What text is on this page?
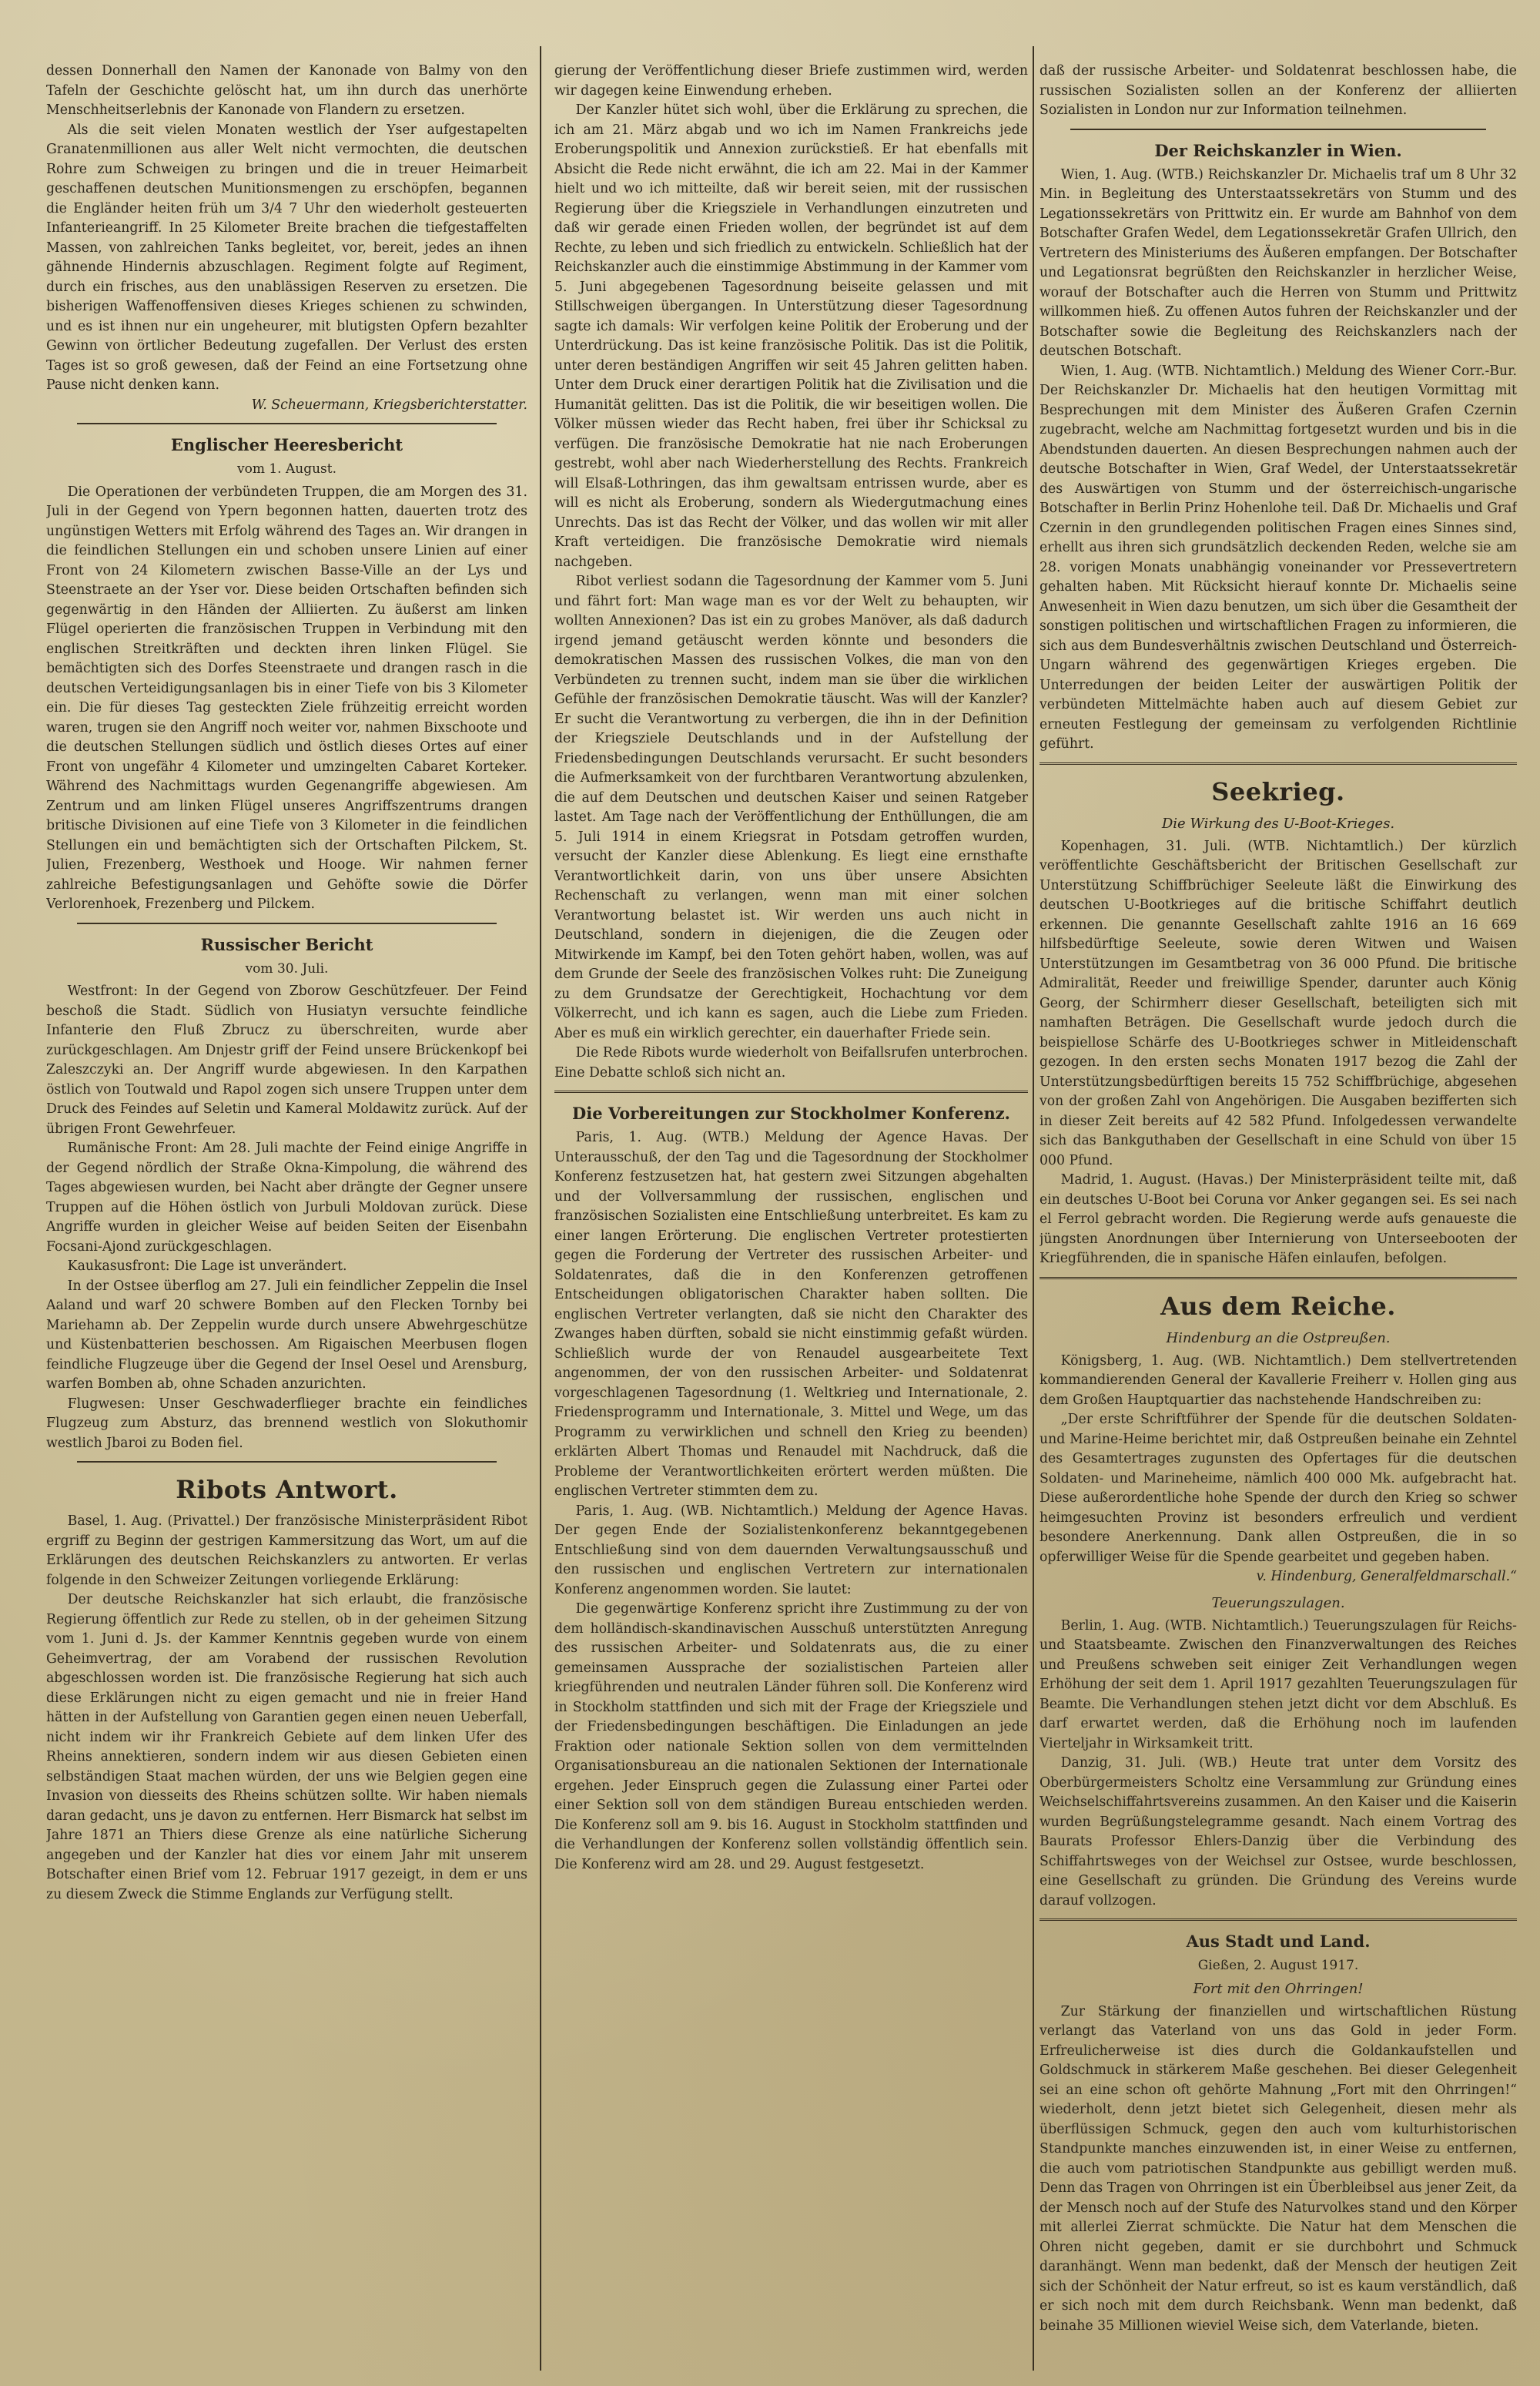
dessen Donnerhall den Namen der Kanonade von Balmy von den Tafeln der Geschichte gelöscht hat, um ihn durch das unerhörte Menschheitserlebnis der Kanonade von Flandern zu ersetzen.

Als die seit vielen Monaten westlich der Yser aufgestapelten Granatenmillionen aus aller Welt nicht vermochten, die deutschen Rohre zum Schweigen zu bringen und die in treuer Heimarbeit geschaffenen deutschen Munitionsmengen zu erschöpfen, begannen die Engländer heiten früh um 3/4 7 Uhr den wiederholt gesteuerten Infanterieangriff. In 25 Kilometer Breite brachen die tiefgestaffelten Massen, von zahlreichen Tanks begleitet, vor, bereit, jedes an ihnen gähnende Hindernis abzuschlagen. Regiment folgte auf Regiment, durch ein frisches, aus den unablässigen Reserven zu ersetzen. Die bisherigen Waffenoffensiven dieses Krieges schienen zu schwinden, und es ist ihnen nur ein ungeheurer, mit blutigsten Opfern bezahlter Gewinn von örtlicher Bedeutung zugefallen. Der Verlust des ersten Tages ist so groß gewesen, daß der Feind an eine Fortsetzung ohne Pause nicht denken kann.

W. Scheuermann, Kriegsberichterstatter.

Englischer Heeresbericht
vom 1. August.

Die Operationen der verbündeten Truppen, die am Morgen des 31. Juli in der Gegend von Ypern begonnen hatten, dauerten trotz des ungünstigen Wetters mit Erfolg während des Tages an. Wir drangen in die feindlichen Stellungen ein und schoben unsere Linien auf einer Front von 24 Kilometern zwischen Basse-Ville an der Lys und Steenstraete an der Yser vor. Diese beiden Ortschaften befinden sich gegenwärtig in den Händen der Alliierten. Zu äußerst am linken Flügel operierten die französischen Truppen in Verbindung mit den englischen Streitkräften und deckten ihren linken Flügel. Sie bemächtigten sich des Dorfes Steenstraete und drangen rasch in die deutschen Verteidigungsanlagen bis in einer Tiefe von bis 3 Kilometer ein. Die für dieses Tag gesteckten Ziele frühzeitig erreicht worden waren, trugen sie den Angriff noch weiter vor, nahmen Bixschoote und die deutschen Stellungen südlich und östlich dieses Ortes auf einer Front von ungefähr 4 Kilometer und umzingelten Cabaret Korteker. Während des Nachmittags wurden Gegenangriffe abgewiesen. Am Zentrum und am linken Flügel unseres Angriffszentrums drangen britische Divisionen auf eine Tiefe von 3 Kilometer in die feindlichen Stellungen ein und bemächtigten sich der Ortschaften Pilckem, St. Julien, Frezenberg, Westhoek und Hooge. Wir nahmen ferner zahlreiche Befestigungsanlagen und Gehöfte sowie die Dörfer Verlorenhoek, Frezenberg und Pilckem.

Russischer Bericht
vom 30. Juli.

Westfront: In der Gegend von Zborow Geschützfeuer. Der Feind beschoß die Stadt. Südlich von Husiatyn versuchte feindliche Infanterie den Fluß Zbrucz zu überschreiten, wurde aber zurückgeschlagen. Am Dnjestr griff der Feind unsere Brückenkopf bei Zaleszczyki an. Der Angriff wurde abgewiesen. In den Karpathen östlich von Toutwald und Rapol zogen sich unsere Truppen unter dem Druck des Feindes auf Seletin und Kameral Moldawitz zurück. Auf der übrigen Front Gewehrfeuer.

Rumänische Front: Am 28. Juli machte der Feind einige Angriffe in der Gegend nördlich der Straße Okna-Kimpolung, die während des Tages abgewiesen wurden, bei Nacht aber drängte der Gegner unsere Truppen auf die Höhen östlich von Jurbuli Moldovan zurück. Diese Angriffe wurden in gleicher Weise auf beiden Seiten der Eisenbahn Focsani-Ajond zurückgeschlagen.

Kaukasusfront: Die Lage ist unverändert.

In der Ostsee überflog am 27. Juli ein feindlicher Zeppelin die Insel Aaland und warf 20 schwere Bomben auf den Flecken Tornby bei Mariehamn ab. Der Zeppelin wurde durch unsere Abwehrgeschütze und Küstenbatterien beschossen. Am Rigaischen Meerbusen flogen feindliche Flugzeuge über die Gegend der Insel Oesel und Arensburg, warfen Bomben ab, ohne Schaden anzurichten.

Flugwesen: Unser Geschwaderflieger brachte ein feindliches Flugzeug zum Absturz, das brennend westlich von Slokuthomir westlich Jbaroi zu Boden fiel.

Ribots Antwort.

Basel, 1. Aug. (Privattel.) Der französische Ministerpräsident Ribot ergriff zu Beginn der gestrigen Kammersitzung das Wort, um auf die Erklärungen des deutschen Reichskanzlers zu antworten. Er verlas folgende in den Schweizer Zeitungen vorliegende Erklärung:

Der deutsche Reichskanzler hat sich erlaubt, die französische Regierung öffentlich zur Rede zu stellen, ob in der geheimen Sitzung vom 1. Juni d. Js. der Kammer Kenntnis gegeben wurde von einem Geheimvertrag, der am Vorabend der russischen Revolution abgeschlossen worden ist. Die französische Regierung hat sich auch diese Erklärungen nicht zu eigen gemacht und nie in freier Hand hätten in der Aufstellung von Garantien gegen einen neuen Ueberfall, nicht indem wir ihr Frankreich Gebiete auf dem linken Ufer des Rheins annektieren, sondern indem wir aus diesen Gebieten einen selbständigen Staat machen würden, der uns wie Belgien gegen eine Invasion von diesseits des Rheins schützen sollte. Wir haben niemals daran gedacht, uns je davon zu entfernen. Herr Bismarck hat selbst im Jahre 1871 an Thiers diese Grenze als eine natürliche Sicherung angegeben und der Kanzler hat dies vor einem Jahr mit unserem Botschafter einen Brief vom 12. Februar 1917 gezeigt, in dem er uns zu diesem Zweck die Stimme Englands zur Verfügung stellt.

gierung der Veröffentlichung dieser Briefe zustimmen wird, werden wir dagegen keine Einwendung erheben.

Der Kanzler hütet sich wohl, über die Erklärung zu sprechen, die ich am 21. März abgab und wo ich im Namen Frankreichs jede Eroberungspolitik und Annexion zurückstieß. Er hat ebenfalls mit Absicht die Rede nicht erwähnt, die ich am 22. Mai in der Kammer hielt und wo ich mitteilte, daß wir bereit seien, mit der russischen Regierung über die Kriegsziele in Verhandlungen einzutreten und daß wir gerade einen Frieden wollen, der begründet ist auf dem Rechte, zu leben und sich friedlich zu entwickeln. Schließlich hat der Reichskanzler auch die einstimmige Abstimmung in der Kammer vom 5. Juni abgegebenen Tagesordnung beiseite gelassen und mit Stillschweigen übergangen. In Unterstützung dieser Tagesordnung sagte ich damals: Wir verfolgen keine Politik der Eroberung und der Unterdrückung. Das ist keine französische Politik. Das ist die Politik, unter deren beständigen Angriffen wir seit 45 Jahren gelitten haben. Unter dem Druck einer derartigen Politik hat die Zivilisation und die Humanität gelitten. Das ist die Politik, die wir beseitigen wollen. Die Völker müssen wieder das Recht haben, frei über ihr Schicksal zu verfügen. Die französische Demokratie hat nie nach Eroberungen gestrebt, wohl aber nach Wiederherstellung des Rechts. Frankreich will Elsaß-Lothringen, das ihm gewaltsam entrissen wurde, aber es will es nicht als Eroberung, sondern als Wiedergutmachung eines Unrechts. Das ist das Recht der Völker, und das wollen wir mit aller Kraft verteidigen. Die französische Demokratie wird niemals nachgeben.

Ribot verliest sodann die Tagesordnung der Kammer vom 5. Juni und fährt fort: Man wage man es vor der Welt zu behaupten, wir wollten Annexionen? Das ist ein zu grobes Manöver, als daß dadurch irgend jemand getäuscht werden könnte und besonders die demokratischen Massen des russischen Volkes, die man von den Verbündeten zu trennen sucht, indem man sie über die wirklichen Gefühle der französischen Demokratie täuscht. Was will der Kanzler? Er sucht die Verantwortung zu verbergen, die ihn in der Definition der Kriegsziele Deutschlands und in der Aufstellung der Friedensbedingungen Deutschlands verursacht. Er sucht besonders die Aufmerksamkeit von der furchtbaren Verantwortung abzulenken, die auf dem Deutschen und deutschen Kaiser und seinen Ratgeber lastet. Am Tage nach der Veröffentlichung der Enthüllungen, die am 5. Juli 1914 in einem Kriegsrat in Potsdam getroffen wurden, versucht der Kanzler diese Ablenkung. Es liegt eine ernsthafte Verantwortlichkeit darin, von uns über unsere Absichten Rechenschaft zu verlangen, wenn man mit einer solchen Verantwortung belastet ist. Wir werden uns auch nicht in Deutschland, sondern in diejenigen, die die Zeugen oder Mitwirkende im Kampf, bei den Toten gehört haben, wollen, was auf dem Grunde der Seele des französischen Volkes ruht: Die Zuneigung zu dem Grundsatze der Gerechtigkeit, Hochachtung vor dem Völkerrecht, und ich kann es sagen, auch die Liebe zum Frieden. Aber es muß ein wirklich gerechter, ein dauerhafter Friede sein.

Die Rede Ribots wurde wiederholt von Beifallsrufen unterbrochen. Eine Debatte schloß sich nicht an.

Die Vorbereitungen zur Stockholmer Konferenz.

Paris, 1. Aug. (WTB.) Meldung der Agence Havas. Der Unterausschuß, der den Tag und die Tagesordnung der Stockholmer Konferenz festzusetzen hat, hat gestern zwei Sitzungen abgehalten und der Vollversammlung der russischen, englischen und französischen Sozialisten eine Entschließung unterbreitet. Es kam zu einer langen Erörterung. Die englischen Vertreter protestierten gegen die Forderung der Vertreter des russischen Arbeiter- und Soldatenrates, daß die in den Konferenzen getroffenen Entscheidungen obligatorischen Charakter haben sollten. Die englischen Vertreter verlangten, daß sie nicht den Charakter des Zwanges haben dürften, sobald sie nicht einstimmig gefaßt würden. Schließlich wurde der von Renaudel ausgearbeitete Text angenommen, der von den russischen Arbeiter- und Soldatenrat vorgeschlagenen Tagesordnung (1. Weltkrieg und Internationale, 2. Friedensprogramm und Internationale, 3. Mittel und Wege, um das Programm zu verwirklichen und schnell den Krieg zu beenden) erklärten Albert Thomas und Renaudel mit Nachdruck, daß die Probleme der Verantwortlichkeiten erörtert werden müßten. Die englischen Vertreter stimmten dem zu.

Paris, 1. Aug. (WB. Nichtamtlich.) Meldung der Agence Havas. Der gegen Ende der Sozialistenkonferenz bekanntgegebenen Entschließung sind von dem dauernden Verwaltungsausschuß und den russischen und englischen Vertretern zur internationalen Konferenz angenommen worden. Sie lautet:

Die gegenwärtige Konferenz spricht ihre Zustimmung zu der von dem holländisch-skandinavischen Ausschuß unterstützten Anregung des russischen Arbeiter- und Soldatenrats aus, die zu einer gemeinsamen Aussprache der sozialistischen Parteien aller kriegführenden und neutralen Länder führen soll. Die Konferenz wird in Stockholm stattfinden und sich mit der Frage der Kriegsziele und der Friedensbedingungen beschäftigen. Die Einladungen an jede Fraktion oder nationale Sektion sollen von dem vermittelnden Organisationsbureau an die nationalen Sektionen der Internationale ergehen. Jeder Einspruch gegen die Zulassung einer Partei oder einer Sektion soll von dem ständigen Bureau entschieden werden. Die Konferenz soll am 9. bis 16. August in Stockholm stattfinden und die Verhandlungen der Konferenz sollen vollständig öffentlich sein. Die Konferenz wird am 28. und 29. August festgesetzt.

daß der russische Arbeiter- und Soldatenrat beschlossen habe, die russischen Sozialisten sollen an der Konferenz der alliierten Sozialisten in London nur zur Information teilnehmen.

Der Reichskanzler in Wien.

Wien, 1. Aug. (WTB.) Reichskanzler Dr. Michaelis traf um 8 Uhr 32 Min. in Begleitung des Unterstaatssekretärs von Stumm und des Legationssekretärs von Prittwitz ein. Er wurde am Bahnhof von dem Botschafter Grafen Wedel, dem Legationssekretär Grafen Ullrich, den Vertretern des Ministeriums des Äußeren empfangen. Der Botschafter und Legationsrat begrüßten den Reichskanzler in herzlicher Weise, worauf der Botschafter auch die Herren von Stumm und Prittwitz willkommen hieß. Zu offenen Autos fuhren der Reichskanzler und der Botschafter sowie die Begleitung des Reichskanzlers nach der deutschen Botschaft.

Wien, 1. Aug. (WTB. Nichtamtlich.) Meldung des Wiener Corr.-Bur. Der Reichskanzler Dr. Michaelis hat den heutigen Vormittag mit Besprechungen mit dem Minister des Äußeren Grafen Czernin zugebracht, welche am Nachmittag fortgesetzt wurden und bis in die Abendstunden dauerten. An diesen Besprechungen nahmen auch der deutsche Botschafter in Wien, Graf Wedel, der Unterstaatssekretär des Auswärtigen von Stumm und der österreichisch-ungarische Botschafter in Berlin Prinz Hohenlohe teil. Daß Dr. Michaelis und Graf Czernin in den grundlegenden politischen Fragen eines Sinnes sind, erhellt aus ihren sich grundsätzlich deckenden Reden, welche sie am 28. vorigen Monats unabhängig voneinander vor Pressevertretern gehalten haben. Mit Rücksicht hierauf konnte Dr. Michaelis seine Anwesenheit in Wien dazu benutzen, um sich über die Gesamtheit der sonstigen politischen und wirtschaftlichen Fragen zu informieren, die sich aus dem Bundesverhältnis zwischen Deutschland und Österreich-Ungarn während des gegenwärtigen Krieges ergeben. Die Unterredungen der beiden Leiter der auswärtigen Politik der verbündeten Mittelmächte haben auch auf diesem Gebiet zur erneuten Festlegung der gemeinsam zu verfolgenden Richtlinie geführt.

Seekrieg.
Die Wirkung des U-Boot-Krieges.

Kopenhagen, 31. Juli. (WTB. Nichtamtlich.) Der kürzlich veröffentlichte Geschäftsbericht der Britischen Gesellschaft zur Unterstützung Schiffbrüchiger Seeleute läßt die Einwirkung des deutschen U-Bootkrieges auf die britische Schiffahrt deutlich erkennen. Die genannte Gesellschaft zahlte 1916 an 16 669 hilfsbedürftige Seeleute, sowie deren Witwen und Waisen Unterstützungen im Gesamtbetrag von 36 000 Pfund. Die britische Admiralität, Reeder und freiwillige Spender, darunter auch König Georg, der Schirmherr dieser Gesellschaft, beteiligten sich mit namhaften Beträgen. Die Gesellschaft wurde jedoch durch die beispiellose Schärfe des U-Bootkrieges schwer in Mitleidenschaft gezogen. In den ersten sechs Monaten 1917 bezog die Zahl der Unterstützungsbedürftigen bereits 15 752 Schiffbrüchige, abgesehen von der großen Zahl von Angehörigen. Die Ausgaben bezifferten sich in dieser Zeit bereits auf 42 582 Pfund. Infolgedessen verwandelte sich das Bankguthaben der Gesellschaft in eine Schuld von über 15 000 Pfund.

Madrid, 1. August. (Havas.) Der Ministerpräsident teilte mit, daß ein deutsches U-Boot bei Coruna vor Anker gegangen sei. Es sei nach el Ferrol gebracht worden. Die Regierung werde aufs genaueste die jüngsten Anordnungen über Internierung von Unterseebooten der Kriegführenden, die in spanische Häfen einlaufen, befolgen.

Aus dem Reiche.
Hindenburg an die Ostpreußen.

Königsberg, 1. Aug. (WB. Nichtamtlich.) Dem stellvertretenden kommandierenden General der Kavallerie Freiherr v. Hollen ging aus dem Großen Hauptquartier das nachstehende Handschreiben zu:

„Der erste Schriftführer der Spende für die deutschen Soldaten- und Marine-Heime berichtet mir, daß Ostpreußen beinahe ein Zehntel des Gesamtertrages zugunsten des Opfertages für die deutschen Soldaten- und Marineheime, nämlich 400 000 Mk. aufgebracht hat. Diese außerordentliche hohe Spende der durch den Krieg so schwer heimgesuchten Provinz ist besonders erfreulich und verdient besondere Anerkennung. Dank allen Ostpreußen, die in so opferwilliger Weise für die Spende gearbeitet und gegeben haben.

v. Hindenburg, Generalfeldmarschall.“

Teuerungszulagen.

Berlin, 1. Aug. (WTB. Nichtamtlich.) Teuerungszulagen für Reichs- und Staatsbeamte. Zwischen den Finanzverwaltungen des Reiches und Preußens schweben seit einiger Zeit Verhandlungen wegen Erhöhung der seit dem 1. April 1917 gezahlten Teuerungszulagen für Beamte. Die Verhandlungen stehen jetzt dicht vor dem Abschluß. Es darf erwartet werden, daß die Erhöhung noch im laufenden Vierteljahr in Wirksamkeit tritt.

Danzig, 31. Juli. (WB.) Heute trat unter dem Vorsitz des Oberbürgermeisters Scholtz eine Versammlung zur Gründung eines Weichselschiffahrtsvereins zusammen. An den Kaiser und die Kaiserin wurden Begrüßungstelegramme gesandt. Nach einem Vortrag des Baurats Professor Ehlers-Danzig über die Verbindung des Schiffahrtsweges von der Weichsel zur Ostsee, wurde beschlossen, eine Gesellschaft zu gründen. Die Gründung des Vereins wurde darauf vollzogen.

Aus Stadt und Land.
Gießen, 2. August 1917.
Fort mit den Ohrringen!

Zur Stärkung der finanziellen und wirtschaftlichen Rüstung verlangt das Vaterland von uns das Gold in jeder Form. Erfreulicherweise ist dies durch die Goldankaufstellen und Goldschmuck in stärkerem Maße geschehen. Bei dieser Gelegenheit sei an eine schon oft gehörte Mahnung „Fort mit den Ohrringen!“ wiederholt, denn jetzt bietet sich Gelegenheit, diesen mehr als überflüssigen Schmuck, gegen den auch vom kulturhistorischen Standpunkte manches einzuwenden ist, in einer Weise zu entfernen, die auch vom patriotischen Standpunkte aus gebilligt werden muß. Denn das Tragen von Ohrringen ist ein Überbleibsel aus jener Zeit, da der Mensch noch auf der Stufe des Naturvolkes stand und den Körper mit allerlei Zierrat schmückte. Die Natur hat dem Menschen die Ohren nicht gegeben, damit er sie durchbohrt und Schmuck daranhängt. Wenn man bedenkt, daß der Mensch der heutigen Zeit sich der Schönheit der Natur erfreut, so ist es kaum verständlich, daß er sich noch mit dem durch Reichsbank. Wenn man bedenkt, daß beinahe 35 Millionen wieviel Weise sich, dem Vaterlande, bieten.
